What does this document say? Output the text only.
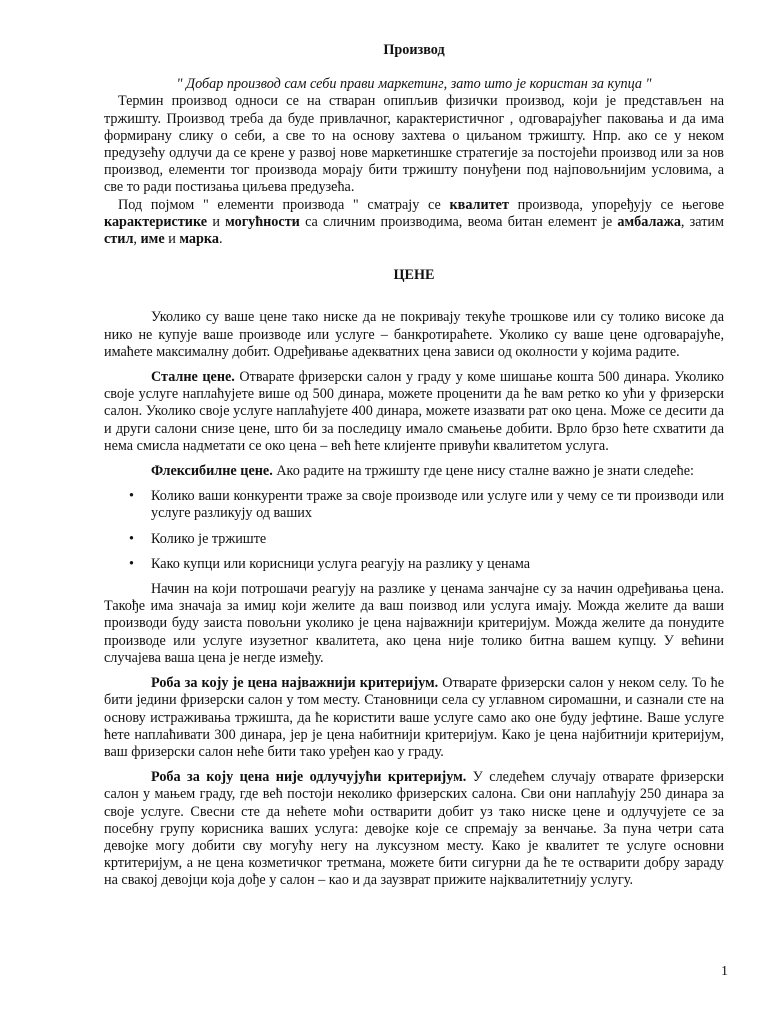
Производ

" Добар производ сам себи прави маркетинг, зато што је користан за купца "

Термин производ односи се на стваран опипљив физички производ, који је представљен на тржишту. Производ треба да буде привлачног, карактеристичног , одговарајућег паковања и да има формирану слику о себи, а све то на основу захтева о циљаном тржишту. Нпр. ако се у неком предузећу одлучи да се крене у развој нове маркетиншке стратегије за постојећи производ или за нов производ, елементи тог производа морају бити тржишту понуђени под најповољнијим условима, а све то ради постизања циљева предузећа.

Под појмом " елементи производа " сматрају се квалитет производа, упоређују се његове карактеристике и могућности са сличним производима, веома битан елемент је амбалажа, затим стил, име и марка.

ЦЕНЕ

Уколико су ваше цене тако ниске да не покривају текуће трошкове или су толико високе да нико не купује ваше производе или услуге – банкротираћете. Уколико су ваше цене одговарајуће, имаћете максималну добит. Одређивање адекватних цена зависи од околности у којима радите.

Сталне цене. Отварате фризерски салон у граду у коме шишање кошта 500 динара. Уколико своје услуге наплаћујете више од 500 динара, можете проценити да ће вам ретко ко ући у фризерски салон. Уколико своје услуге наплаћујете 400 динара, можете изазвати рат око цена. Може се десити да и други салони снизе цене, што би за последицу имало смањење добити. Врло брзо ћете схватити да нема смисла надметати се око цена – већ ћете клијенте привући квалитетом услуга.

Флексибилне цене. Ако радите на тржишту где цене нису сталне важно је знати следеће:

• Колико ваши конкуренти траже за своје производе или услуге или у чему се ти производи или услуге разликују од ваших
• Колико је тржиште
• Како купци или корисници услуга реагују на разлику у ценама

Начин на који потрошачи реагују на разлике у ценама занчајне су за начин одређивања цена. Такође има значаја за имиџ који желите да ваш поизвод или услуга имају. Можда желите да ваши производи буду заиста повољни уколико је цена најважнији критеријум. Можда желите да понудите производе или услуге изузетног квалитета, ако цена није толико битна вашем купцу. У већини случајева ваша цена је негде између.

Роба за коју је цена најважнији критеријум. Отварате фризерски салон у неком селу. То ће бити једини фризерски салон у том месту. Становници села су углавном сиромашни, и сазнали сте на основу истраживања тржишта, да ће користити ваше услуге само ако оне буду јефтине. Ваше услуге ћете наплаћивати 300 динара, јер је цена набитнији критеријум. Како је цена најбитнији критеријум, ваш фризерски салон неће бити тако уређен као у граду.

Роба за коју цена није одлучујући критеријум. У следећем случају отварате фризерски салон у мањем граду, где већ постоји неколико фризерских салона. Сви они наплаћују 250 динара за своје услуге. Свесни сте да нећете моћи остварити добит уз тако ниске цене и одлучујете се за посебну групу корисника ваших услуга: девојке које се спремају за венчање. За пуна четри сата девојке могу добити сву могућу негу на луксузном месту. Како је квалитет те услуге основни кртитеријум, а не цена козметичког третмана, можете бити сигурни да ће те остварити добру зараду на свакој девојци која дође у салон – као и да заузврат прижите најквалитетнију услугу.

1
